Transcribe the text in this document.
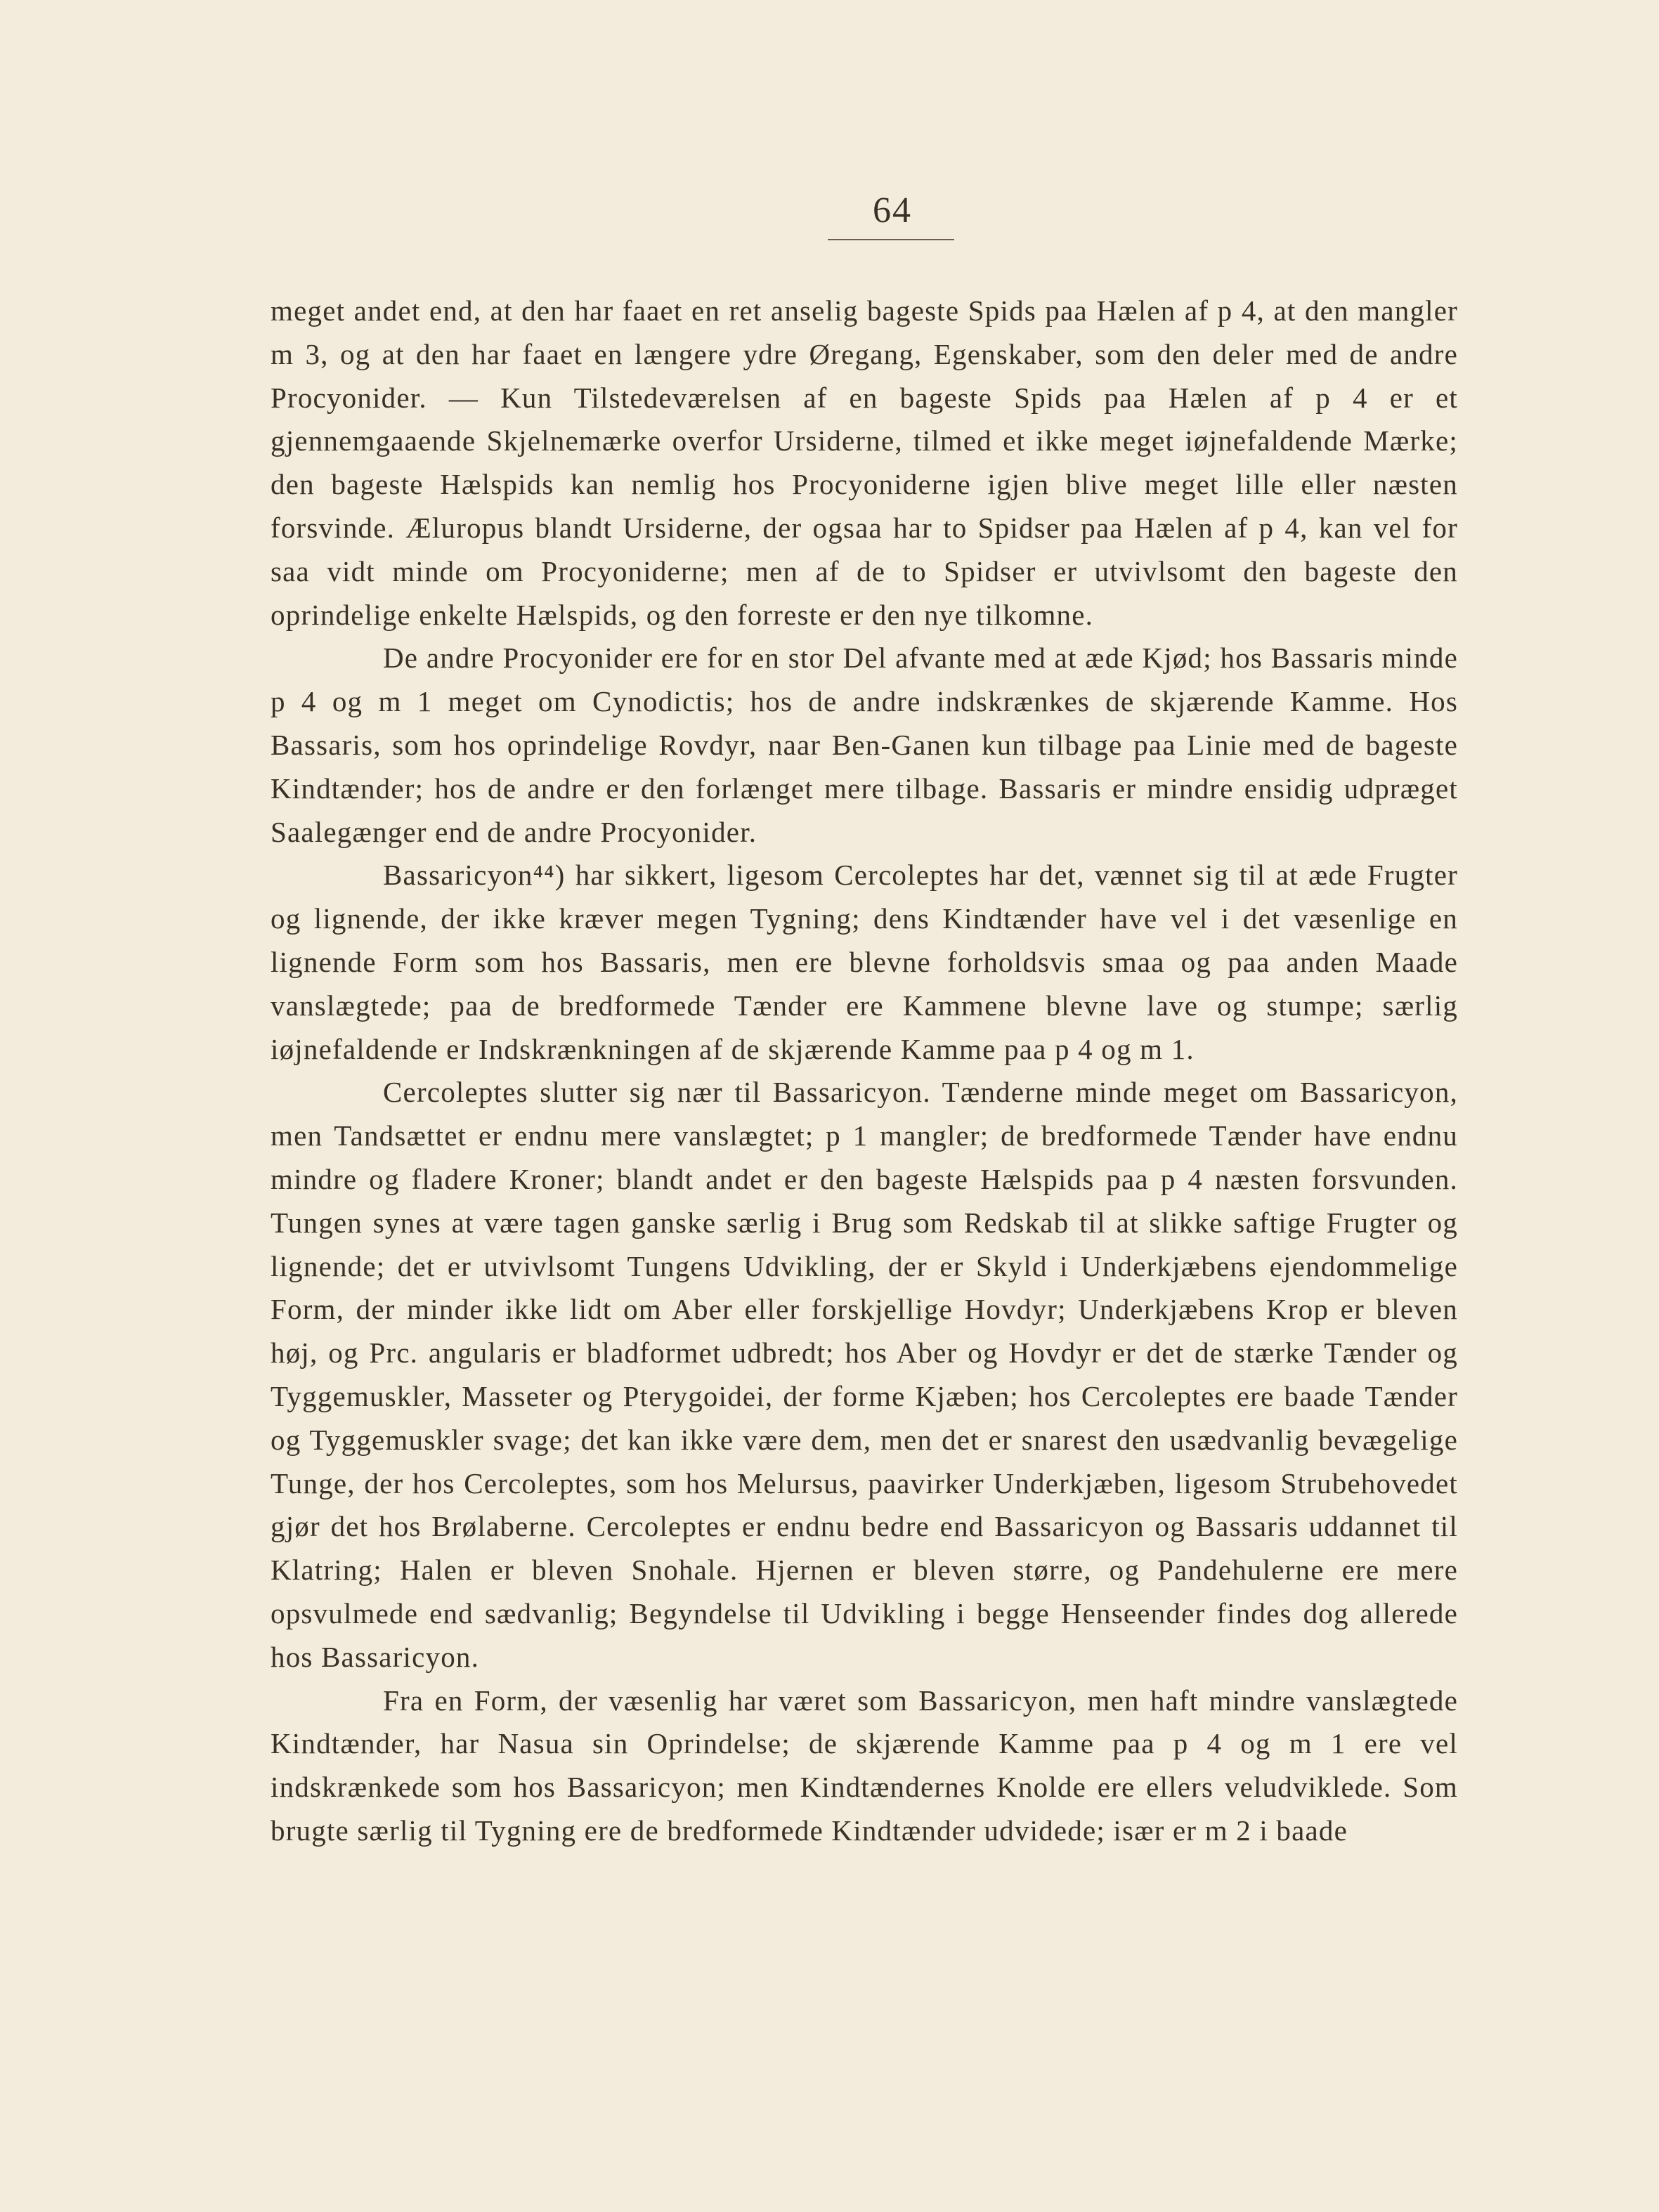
64

meget andet end, at den har faaet en ret anselig bageste Spids paa Hælen af p 4, at den mangler m 3, og at den har faaet en længere ydre Øregang, Egenskaber, som den deler med de andre Procyonider. — Kun Tilstedeværelsen af en bageste Spids paa Hælen af p 4 er et gjennemgaaende Skjelnemærke overfor Ursiderne, tilmed et ikke meget iøjnefaldende Mærke; den bageste Hælspids kan nemlig hos Procyoniderne igjen blive meget lille eller næsten forsvinde. Æluropus blandt Ursiderne, der ogsaa har to Spidser paa Hælen af p 4, kan vel for saa vidt minde om Procyoniderne; men af de to Spidser er utvivlsomt den bageste den oprindelige enkelte Hælspids, og den forreste er den nye tilkomne.

De andre Procyonider ere for en stor Del afvante med at æde Kjød; hos Bassaris minde p 4 og m 1 meget om Cynodictis; hos de andre indskrænkes de skjærende Kamme. Hos Bassaris, som hos oprindelige Rovdyr, naar Ben-Ganen kun tilbage paa Linie med de bageste Kindtænder; hos de andre er den forlænget mere tilbage. Bassaris er mindre ensidig udpræget Saalegænger end de andre Procyonider.

Bassaricyon⁴⁴) har sikkert, ligesom Cercoleptes har det, vænnet sig til at æde Frugter og lignende, der ikke kræver megen Tygning; dens Kindtænder have vel i det væsenlige en lignende Form som hos Bassaris, men ere blevne forholdsvis smaa og paa anden Maade vanslægtede; paa de bredformede Tænder ere Kammene blevne lave og stumpe; særlig iøjnefaldende er Indskrænkningen af de skjærende Kamme paa p 4 og m 1.

Cercoleptes slutter sig nær til Bassaricyon. Tænderne minde meget om Bassaricyon, men Tandsættet er endnu mere vanslægtet; p 1 mangler; de bredformede Tænder have endnu mindre og fladere Kroner; blandt andet er den bageste Hælspids paa p 4 næsten forsvunden. Tungen synes at være tagen ganske særlig i Brug som Redskab til at slikke saftige Frugter og lignende; det er utvivlsomt Tungens Udvikling, der er Skyld i Underkjæbens ejendommelige Form, der minder ikke lidt om Aber eller forskjellige Hovdyr; Underkjæbens Krop er bleven høj, og Prc. angularis er bladformet udbredt; hos Aber og Hovdyr er det de stærke Tænder og Tyggemuskler, Masseter og Pterygoidei, der forme Kjæben; hos Cercoleptes ere baade Tænder og Tyggemuskler svage; det kan ikke være dem, men det er snarest den usædvanlig bevægelige Tunge, der hos Cercoleptes, som hos Melursus, paavirker Underkjæben, ligesom Strubehovedet gjør det hos Brølaberne. Cercoleptes er endnu bedre end Bassaricyon og Bassaris uddannet til Klatring; Halen er bleven Snohale. Hjernen er bleven større, og Pandehulerne ere mere opsvulmede end sædvanlig; Begyndelse til Udvikling i begge Henseender findes dog allerede hos Bassaricyon.

Fra en Form, der væsenlig har været som Bassaricyon, men haft mindre vanslægtede Kindtænder, har Nasua sin Oprindelse; de skjærende Kamme paa p 4 og m 1 ere vel indskrænkede som hos Bassaricyon; men Kindtændernes Knolde ere ellers veludviklede. Som brugte særlig til Tygning ere de bredformede Kindtænder udvidede; især er m 2 i baade
